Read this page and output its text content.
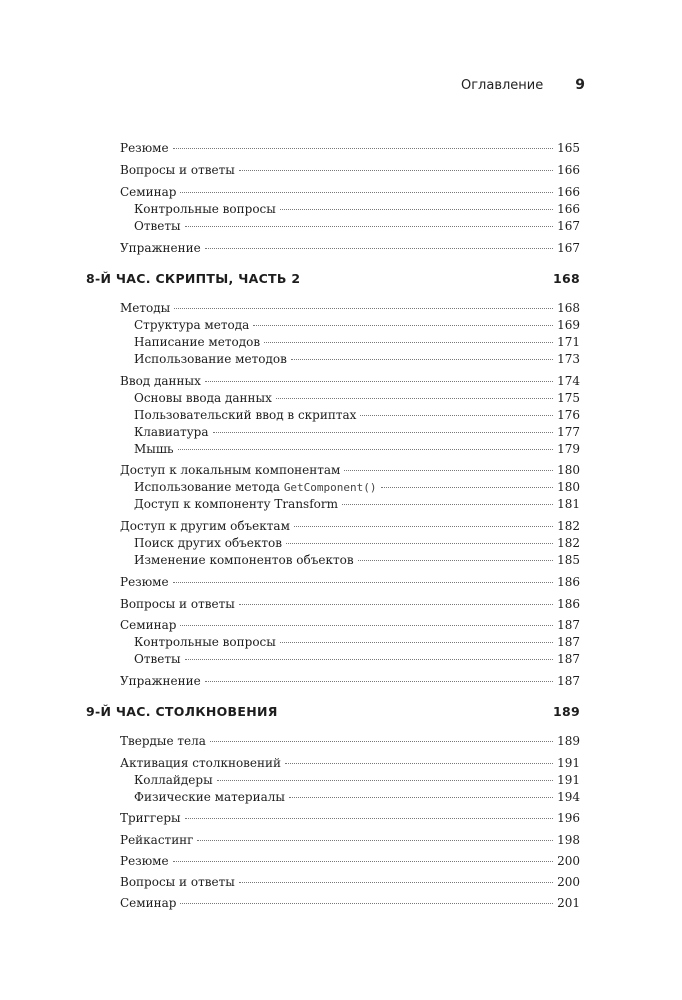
Оглавление 9
Резюме	165
Вопросы и ответы	166
Семинар	166
Контрольные вопросы	166
Ответы	167
Упражнение	167
8-Й ЧАС. СКРИПТЫ, ЧАСТЬ 2	168
Методы	168
Структура метода	169
Написание методов	171
Использование методов	173
Ввод данных	174
Основы ввода данных	175
Пользовательский ввод в скриптах	176
Клавиатура	177
Мышь	179
Доступ к локальным компонентам	180
Использование метода GetComponent()	180
Доступ к компоненту Transform	181
Доступ к другим объектам	182
Поиск других объектов	182
Изменение компонентов объектов	185
Резюме	186
Вопросы и ответы	186
Семинар	187
Контрольные вопросы	187
Ответы	187
Упражнение	187
9-Й ЧАС. СТОЛКНОВЕНИЯ	189
Твердые тела	189
Активация столкновений	191
Коллайдеры	191
Физические материалы	194
Триггеры	196
Рейкастинг	198
Резюме	200
Вопросы и ответы	200
Семинар	201
